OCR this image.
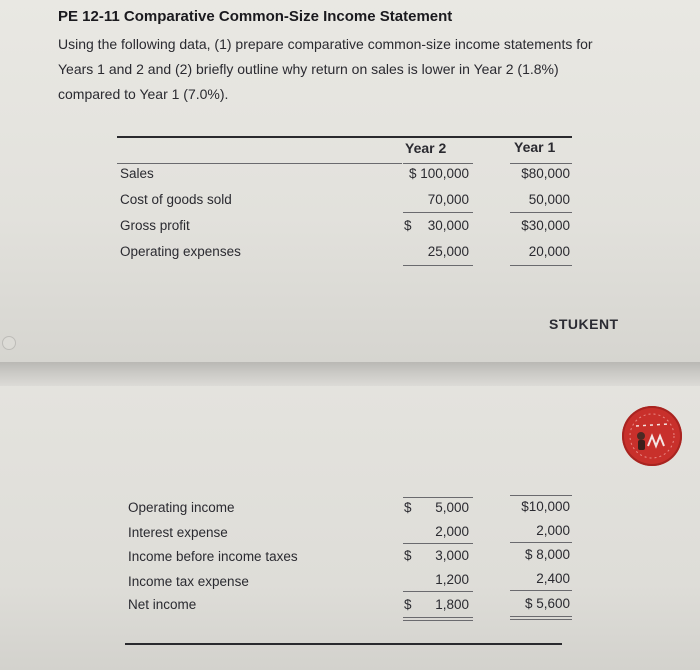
PE 12-11 Comparative Common-Size Income Statement
Using the following data, (1) prepare comparative common-size income statements for
Years 1 and 2 and (2) briefly outline why return on sales is lower in Year 2 (1.8%)
compared to Year 1 (7.0%).
Year 2	Year 1
Sales	$ 100,000	$80,000
Cost of goods sold	70,000	50,000
Gross profit	$	30,000	$30,000
Operating expenses	25,000	20,000
STUKENT
Operating income	$	5,000	$10,000
Interest expense	2,000	2,000
Income before income taxes	$	3,000	$ 8,000
Income tax expense	1,200	2,400
Net income	$	1,800	$ 5,600
